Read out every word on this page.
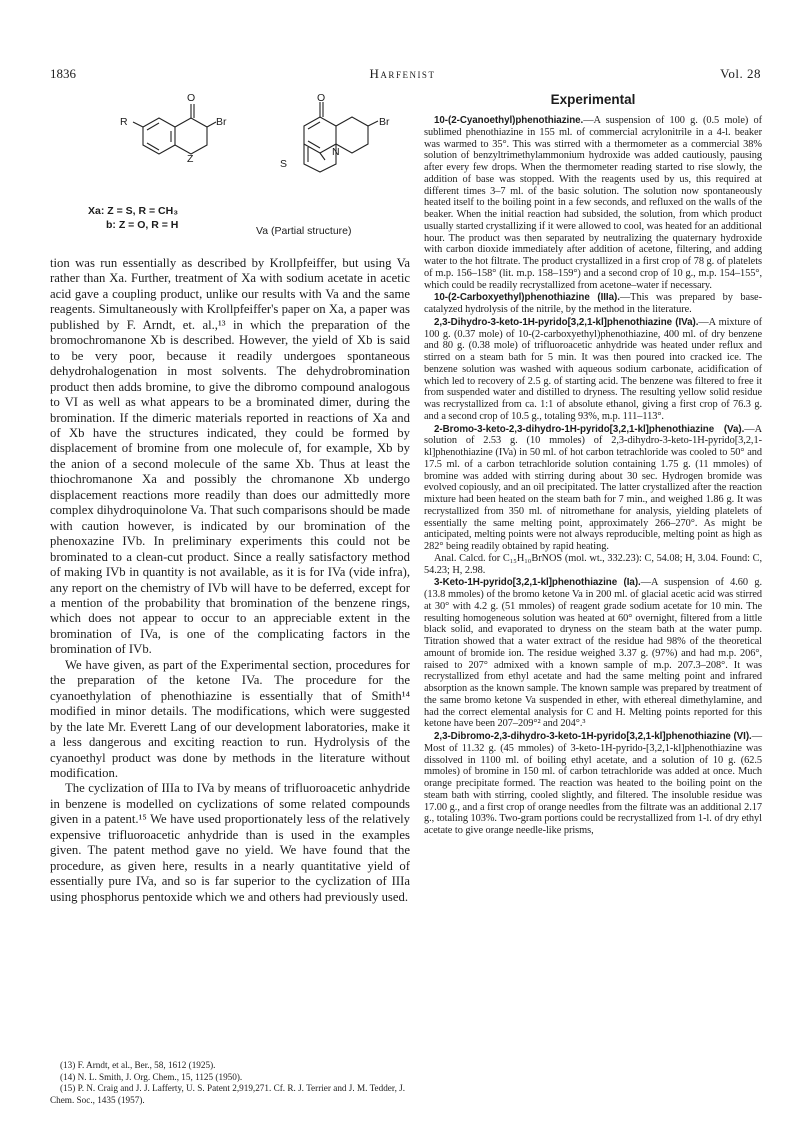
1836	Harfenist	Vol. 28
O
R	Br
Z
O
Br
N
S
Xa: Z = S, R = CH₃
b: Z = O, R = H	Va (Partial structure)

tion was run essentially as described by Krollpfeiffer, but using Va rather than Xa. Further, treatment of Xa with sodium acetate in acetic acid gave a coupling product, unlike our results with Va and the same reagents. Simultaneously with Krollpfeiffer's paper on Xa, a paper was published by F. Arndt, et. al.,¹³ in which the preparation of the bromochromanone Xb is described. However, the yield of Xb is said to be very poor, because it readily undergoes spontaneous dehydrohalogenation in most solvents. The dehydrobromination product then adds bromine, to give the dibromo compound analogous to VI as well as what appears to be a brominated dimer, during the bromination. If the dimeric materials reported in reactions of Xa and of Xb have the structures indicated, they could be formed by displacement of bromine from one molecule of, for example, Xb by the anion of a second molecule of the same Xb. Thus at least the thiochromanone Xa and possibly the chromanone Xb undergo displacement reactions more readily than does our admittedly more complex dihydroquinolone Va. That such comparisons should be made with caution however, is indicated by our bromination of the phenoxazine IVb. In preliminary experiments this could not be brominated to a clean-cut product. Since a really satisfactory method of making IVb in quantity is not available, as it is for IVa (vide infra), any report on the chemistry of IVb will have to be deferred, except for a mention of the probability that bromination of the benzene rings, which does not appear to occur to an appreciable extent in the bromination of IVa, is one of the complicating factors in the bromination of IVb.

We have given, as part of the Experimental section, procedures for the preparation of the ketone IVa. The procedure for the cyanoethylation of phenothiazine is essentially that of Smith¹⁴ modified in minor details. The modifications, which were suggested by the late Mr. Everett Lang of our development laboratories, make it a less dangerous and exciting reaction to run. Hydrolysis of the cyanoethyl product was done by methods in the literature without modification.

The cyclization of IIIa to IVa by means of trifluoroacetic anhydride in benzene is modelled on cyclizations of some related compounds given in a patent.¹⁵ We have used proportionately less of the relatively expensive trifluoroacetic anhydride than is used in the examples given. The patent method gave no yield. We have found that the procedure, as given here, results in a nearly quantitative yield of essentially pure IVa, and so is far superior to the cyclization of IIIa using phosphorus pentoxide which we and others had previously used.

(13) F. Arndt, et al., Ber., 58, 1612 (1925).
(14) N. L. Smith, J. Org. Chem., 15, 1125 (1950).
(15) P. N. Craig and J. J. Lafferty, U. S. Patent 2,919,271. Cf. R. J. Terrier and J. M. Tedder, J. Chem. Soc., 1435 (1957).
Experimental

10-(2-Cyanoethyl)phenothiazine.—A suspension of 100 g. (0.5 mole) of sublimed phenothiazine in 155 ml. of commercial acrylonitrile in a 4-l. beaker was warmed to 35°. This was stirred with a thermometer as a commercial 38% solution of benzyltrimethylammonium hydroxide was added cautiously, pausing after every few drops. When the thermometer reading started to rise slowly, the addition of base was stopped. With the reagents used by us, this required at different times 3–7 ml. of the basic solution. The solution now spontaneously heated itself to the boiling point in a few seconds, and refluxed on the walls of the beaker. When the initial reaction had subsided, the solution, from which product usually started crystallizing if it were allowed to cool, was heated for an additional hour. The product was then separated by neutralizing the quaternary hydroxide with carbon dioxide immediately after addition of acetone, filtering, and adding water to the hot filtrate. The product crystallized in a first crop of 78 g. of platelets of m.p. 156–158° (lit. m.p. 158–159°) and a second crop of 10 g., m.p. 154–155°, which could be readily recrystallized from acetone–water if necessary.

10-(2-Carboxyethyl)phenothiazine (IIIa).—This was prepared by base-catalyzed hydrolysis of the nitrile, by the method in the literature.

2,3-Dihydro-3-keto-1H-pyrido[3,2,1-kl]phenothiazine (IVa).—A mixture of 100 g. (0.37 mole) of 10-(2-carboxyethyl)phenothiazine, 400 ml. of dry benzene and 80 g. (0.38 mole) of trifluoroacetic anhydride was heated under reflux and stirred on a steam bath for 5 min. It was then poured into cracked ice. The benzene solution was washed with aqueous sodium carbonate, acidification of which led to recovery of 2.5 g. of starting acid. The benzene was filtered to free it from suspended water and distilled to dryness. The resulting yellow solid residue was recrystallized from ca. 1:1 of absolute ethanol, giving a first crop of 76.3 g. and a second crop of 10.5 g., totaling 93%, m.p. 111–113°.

2-Bromo-3-keto-2,3-dihydro-1H-pyrido[3,2,1-kl]phenothiazine (Va).—A solution of 2.53 g. (10 mmoles) of 2,3-dihydro-3-keto-1H-pyrido[3,2,1-kl]phenothiazine (IVa) in 50 ml. of hot carbon tetrachloride was cooled to 50° and 17.5 ml. of a carbon tetrachloride solution containing 1.75 g. (11 mmoles) of bromine was added with stirring during about 30 sec. Hydrogen bromide was evolved copiously, and an oil precipitated. The latter crystallized after the reaction mixture had been heated on the steam bath for 7 min., and weighed 1.86 g. It was recrystallized from 350 ml. of nitromethane for analysis, yielding platelets of essentially the same melting point, approximately 266–270°. As might be anticipated, melting points were not always reproducible, melting point as high as 282° being readily obtained by rapid heating.

Anal. Calcd. for C₁₅H₁₀BrNOS (mol. wt., 332.23): C, 54.08; H, 3.04. Found: C, 54.23; H, 2.98.

3-Keto-1H-pyrido[3,2,1-kl]phenothiazine (Ia).—A suspension of 4.60 g. (13.8 mmoles) of the bromo ketone Va in 200 ml. of glacial acetic acid was stirred at 30° with 4.2 g. (51 mmoles) of reagent grade sodium acetate for 10 min. The resulting homogeneous solution was heated at 60° overnight, filtered from a little black solid, and evaporated to dryness on the steam bath at the water pump. Titration showed that a water extract of the residue had 98% of the theoretical amount of bromide ion. The residue weighed 3.37 g. (97%) and had m.p. 206°, raised to 207° admixed with a known sample of m.p. 207.3–208°. It was recrystallized from ethyl acetate and had the same melting point and infrared absorption as the known sample. The known sample was prepared by treatment of the same bromo ketone Va suspended in ether, with ethereal dimethylamine, and had the correct elemental analysis for C and H. Melting points reported for this ketone have been 207–209°² and 204°.³

2,3-Dibromo-2,3-dihydro-3-keto-1H-pyrido[3,2,1-kl]phenothiazine (VI).—Most of 11.32 g. (45 mmoles) of 3-keto-1H-pyrido-[3,2,1-kl]phenothiazine was dissolved in 1100 ml. of boiling ethyl acetate, and a solution of 10 g. (62.5 mmoles) of bromine in 150 ml. of carbon tetrachloride was added at once. Much orange precipitate formed. The reaction was heated to the boiling point on the steam bath with stirring, cooled slightly, and filtered. The insoluble residue was 17.00 g., and a first crop of orange needles from the filtrate was an additional 2.17 g., totaling 103%. Two-gram portions could be recrystallized from 1-l. of dry ethyl acetate to give orange needle-like prisms,
